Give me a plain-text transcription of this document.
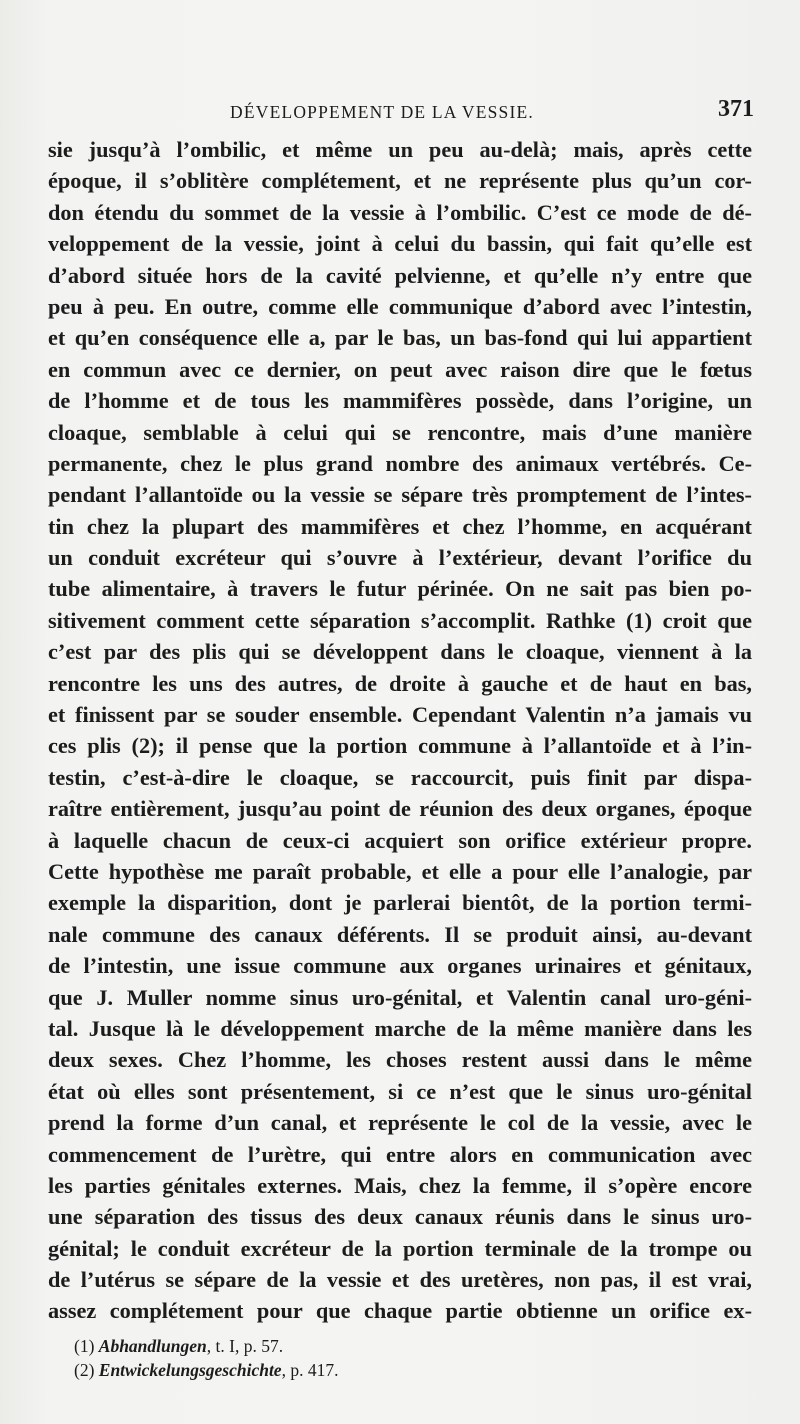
DÉVELOPPEMENT DE LA VESSIE.	371
sie jusqu’à l’ombilic, et même un peu au-delà; mais, après cette
époque, il s’oblitère complétement, et ne représente plus qu’un cor-
don étendu du sommet de la vessie à l’ombilic. C’est ce mode de dé-
veloppement de la vessie, joint à celui du bassin, qui fait qu’elle est
d’abord située hors de la cavité pelvienne, et qu’elle n’y entre que
peu à peu. En outre, comme elle communique d’abord avec l’intestin,
et qu’en conséquence elle a, par le bas, un bas-fond qui lui appartient
en commun avec ce dernier, on peut avec raison dire que le fœtus
de l’homme et de tous les mammifères possède, dans l’origine, un
cloaque, semblable à celui qui se rencontre, mais d’une manière
permanente, chez le plus grand nombre des animaux vertébrés. Ce-
pendant l’allantoïde ou la vessie se sépare très promptement de l’intes-
tin chez la plupart des mammifères et chez l’homme, en acquérant
un conduit excréteur qui s’ouvre à l’extérieur, devant l’orifice du
tube alimentaire, à travers le futur périnée. On ne sait pas bien po-
sitivement comment cette séparation s’accomplit. Rathke (1) croit que
c’est par des plis qui se développent dans le cloaque, viennent à la
rencontre les uns des autres, de droite à gauche et de haut en bas,
et finissent par se souder ensemble. Cependant Valentin n’a jamais vu
ces plis (2); il pense que la portion commune à l’allantoïde et à l’in-
testin, c’est-à-dire le cloaque, se raccourcit, puis finit par dispa-
raître entièrement, jusqu’au point de réunion des deux organes, époque
à laquelle chacun de ceux-ci acquiert son orifice extérieur propre.
Cette hypothèse me paraît probable, et elle a pour elle l’analogie, par
exemple la disparition, dont je parlerai bientôt, de la portion termi-
nale commune des canaux déférents. Il se produit ainsi, au-devant
de l’intestin, une issue commune aux organes urinaires et génitaux,
que J. Muller nomme sinus uro-génital, et Valentin canal uro-géni-
tal. Jusque là le développement marche de la même manière dans les
deux sexes. Chez l’homme, les choses restent aussi dans le même
état où elles sont présentement, si ce n’est que le sinus uro-génital
prend la forme d’un canal, et représente le col de la vessie, avec le
commencement de l’urètre, qui entre alors en communication avec
les parties génitales externes. Mais, chez la femme, il s’opère encore
une séparation des tissus des deux canaux réunis dans le sinus uro-
génital; le conduit excréteur de la portion terminale de la trompe ou
de l’utérus se sépare de la vessie et des uretères, non pas, il est vrai,
assez complétement pour que chaque partie obtienne un orifice ex-
(1) Abhandlungen, t. I, p. 57.
(2) Entwickelungsgeschichte, p. 417.
